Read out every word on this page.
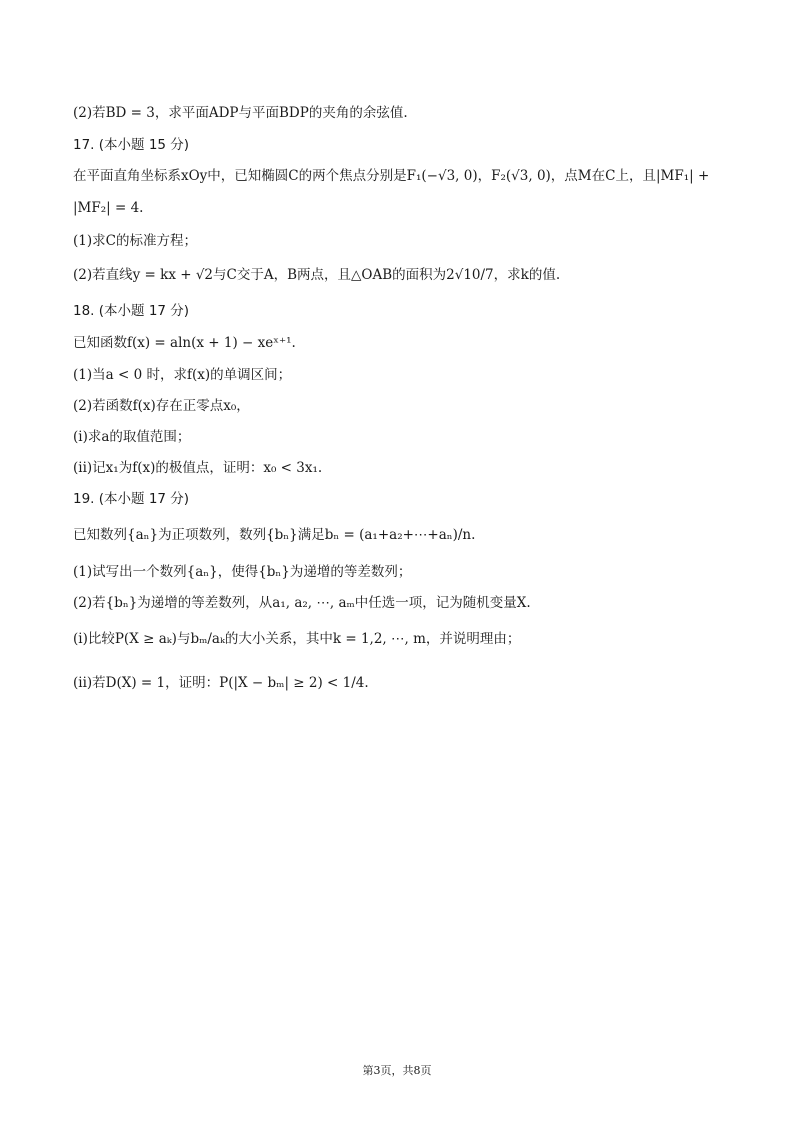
(2)若BD = 3，求平面ADP与平面BDP的夹角的余弦值.
17. (本小题 15 分)
在平面直角坐标系xOy中，已知椭圆C的两个焦点分别是F₁(−√3, 0)，F₂(√3, 0)，点M在C上，且|MF₁| +
|MF₂| = 4.
(1)求C的标准方程；
(2)若直线y = kx + √2与C交于A，B两点，且△OAB的面积为2√10/7，求k的值.
18. (本小题 17 分)
已知函数f(x) = aln(x + 1) − xeˣ⁺¹.
(1)当a < 0 时，求f(x)的单调区间；
(2)若函数f(x)存在正零点x₀，
(i)求a的取值范围；
(ii)记x₁为f(x)的极值点，证明：x₀ < 3x₁.
19. (本小题 17 分)
已知数列{aₙ}为正项数列，数列{bₙ}满足bₙ = (a₁+a₂+⋯+aₙ)/n.
(1)试写出一个数列{aₙ}，使得{bₙ}为递增的等差数列；
(2)若{bₙ}为递增的等差数列，从a₁, a₂, ⋯, aₘ中任选一项，记为随机变量X.
(i)比较P(X ≥ aₖ)与bₘ/aₖ的大小关系，其中k = 1,2, ⋯, m，并说明理由；
(ii)若D(X) = 1，证明：P(|X − bₘ| ≥ 2) < 1/4.
第3页，共8页
